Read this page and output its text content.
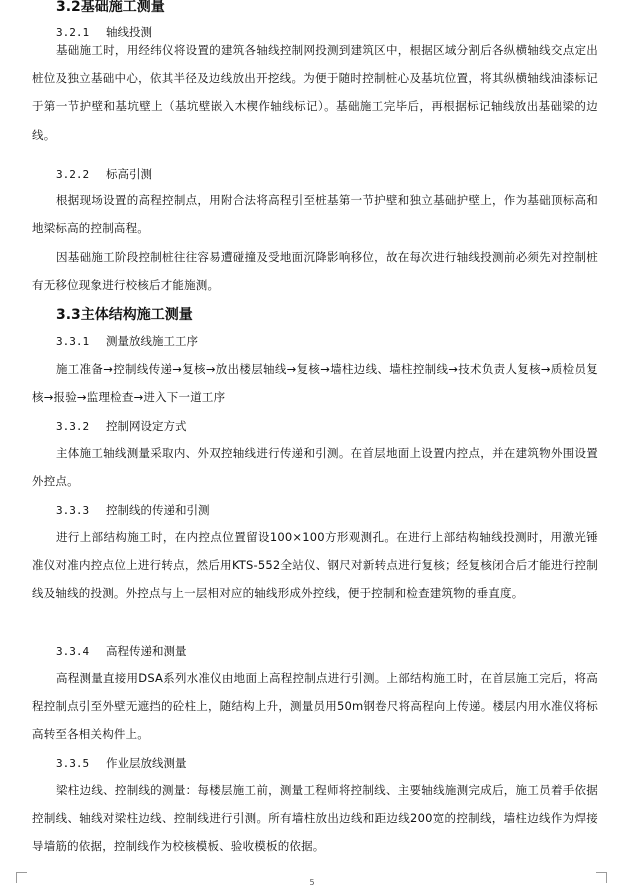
3.2基础施工测量
3.2.1 轴线投测

基础施工时，用经纬仪将设置的建筑各轴线控制网投测到建筑区中，根据区域分割后各纵横轴线交点定出桩位及独立基础中心，依其半径及边线放出开挖线。为便于随时控制桩心及基坑位置，将其纵横轴线油漆标记于第一节护壁和基坑壁上（基坑壁嵌入木楔作轴线标记）。基础施工完毕后，再根据标记轴线放出基础梁的边线。

3.2.2 标高引测

根据现场设置的高程控制点，用附合法将高程引至桩基第一节护壁和独立基础护壁上，作为基础顶标高和地梁标高的控制高程。

因基础施工阶段控制桩往往容易遭碰撞及受地面沉降影响移位，故在每次进行轴线投测前必须先对控制桩有无移位现象进行校核后才能施测。

3.3主体结构施工测量
3.3.1 测量放线施工工序

施工准备→控制线传递→复核→放出楼层轴线→复核→墙柱边线、墙柱控制线→技术负责人复核→质检员复核→报验→监理检查→进入下一道工序

3.3.2 控制网设定方式

主体施工轴线测量采取内、外双控轴线进行传递和引测。在首层地面上设置内控点，并在建筑物外围设置外控点。

3.3.3 控制线的传递和引测

进行上部结构施工时，在内控点位置留设100×100方形观测孔。在进行上部结构轴线投测时，用激光锤准仪对准内控点位上进行转点，然后用KTS-552全站仪、钢尺对新转点进行复核；经复核闭合后才能进行控制线及轴线的投测。外控点与上一层相对应的轴线形成外控线，便于控制和检查建筑物的垂直度。

3.3.4 高程传递和测量

高程测量直接用DSA系列水准仪由地面上高程控制点进行引测。上部结构施工时，在首层施工完后，将高程控制点引至外壁无遮挡的砼柱上，随结构上升，测量员用50m钢卷尺将高程向上传递。楼层内用水准仪将标高转至各相关构件上。

3.3.5 作业层放线测量

梁柱边线、控制线的测量：每楼层施工前，测量工程师将控制线、主要轴线施测完成后，施工员着手依据控制线、轴线对梁柱边线、控制线进行引测。所有墙柱放出边线和距边线200宽的控制线，墙柱边线作为焊接导墙筋的依据，控制线作为校核模板、验收模板的依据。

5
